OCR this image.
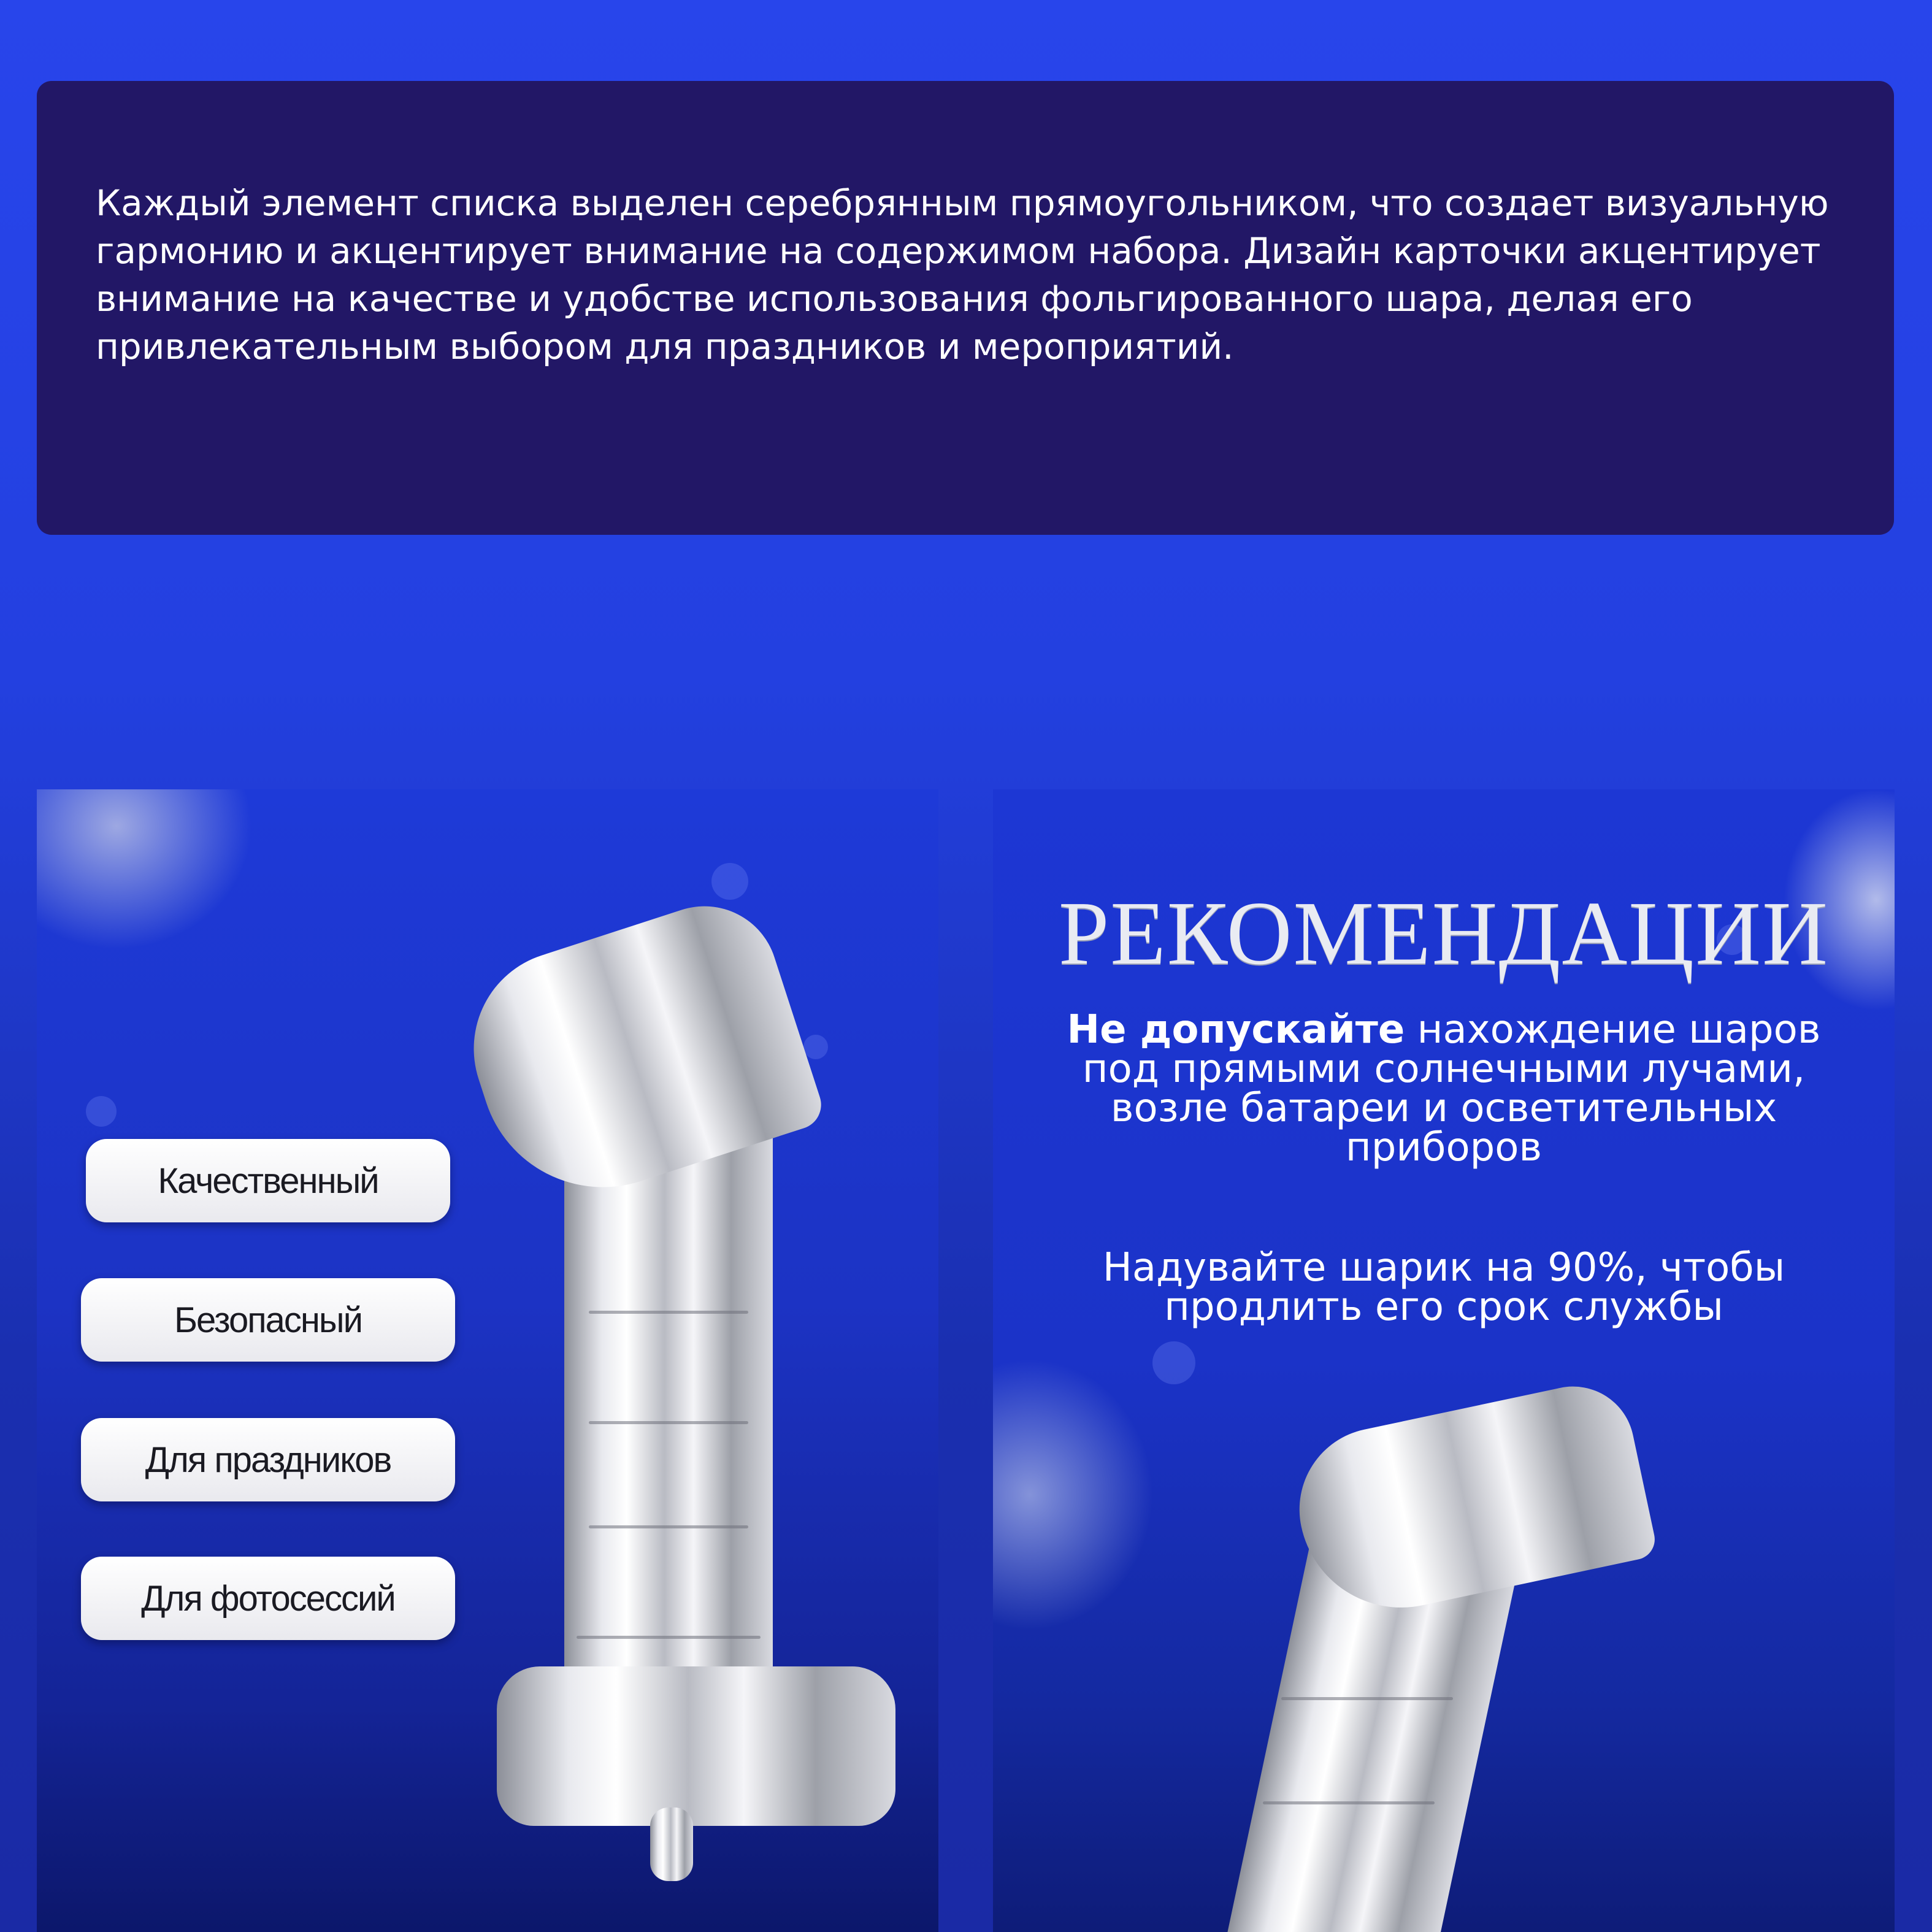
Каждый элемент списка выделен серебрянным прямоугольником, что создает визуальную гармонию и акцентирует внимание на содержимом набора. Дизайн карточки акцентирует внимание на качестве и удобстве использования фольгированного шара, делая его привлекательным выбором для праздников и мероприятий.

Качественный
Безопасный
Для праздников
Для фотосессий
РЕКОМЕНДАЦИИ

Не допускайте нахождение шаров под прямыми солнечными лучами, возле батареи и осветительных приборов

Надувайте шарик на 90%, чтобы продлить его срок службы
